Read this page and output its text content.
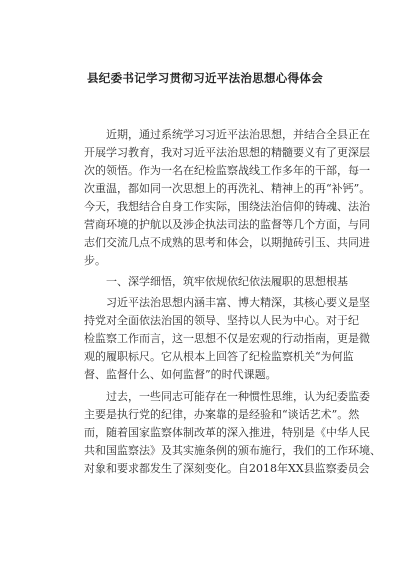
县纪委书记学习贯彻习近平法治思想心得体会
近期，通过系统学习习近平法治思想，并结合全县正在
开展学习教育，我对习近平法治思想的精髓要义有了更深层
次的领悟。作为一名在纪检监察战线工作多年的干部，每一
次重温，都如同一次思想上的再洗礼、精神上的再“补钙”。
今天，我想结合自身工作实际，围绕法治信仰的铸魂、法治
营商环境的护航以及涉企执法司法的监督等几个方面，与同
志们交流几点不成熟的思考和体会，以期抛砖引玉、共同进
步。
一、深学细悟，筑牢依规依纪依法履职的思想根基
习近平法治思想内涵丰富、博大精深，其核心要义是坚
持党对全面依法治国的领导、坚持以人民为中心。对于纪
检监察工作而言，这一思想不仅是宏观的行动指南，更是微
观的履职标尺。它从根本上回答了纪检监察机关“为何监
督、监督什么、如何监督”的时代课题。
过去，一些同志可能存在一种惯性思维，认为纪委监委
主要是执行党的纪律，办案靠的是经验和“谈话艺术”。然
而，随着国家监察体制改革的深入推进，特别是《中华人民
共和国监察法》及其实施条例的颁布施行，我们的工作环境、
对象和要求都发生了深刻变化。自2018年XX县监察委员会
